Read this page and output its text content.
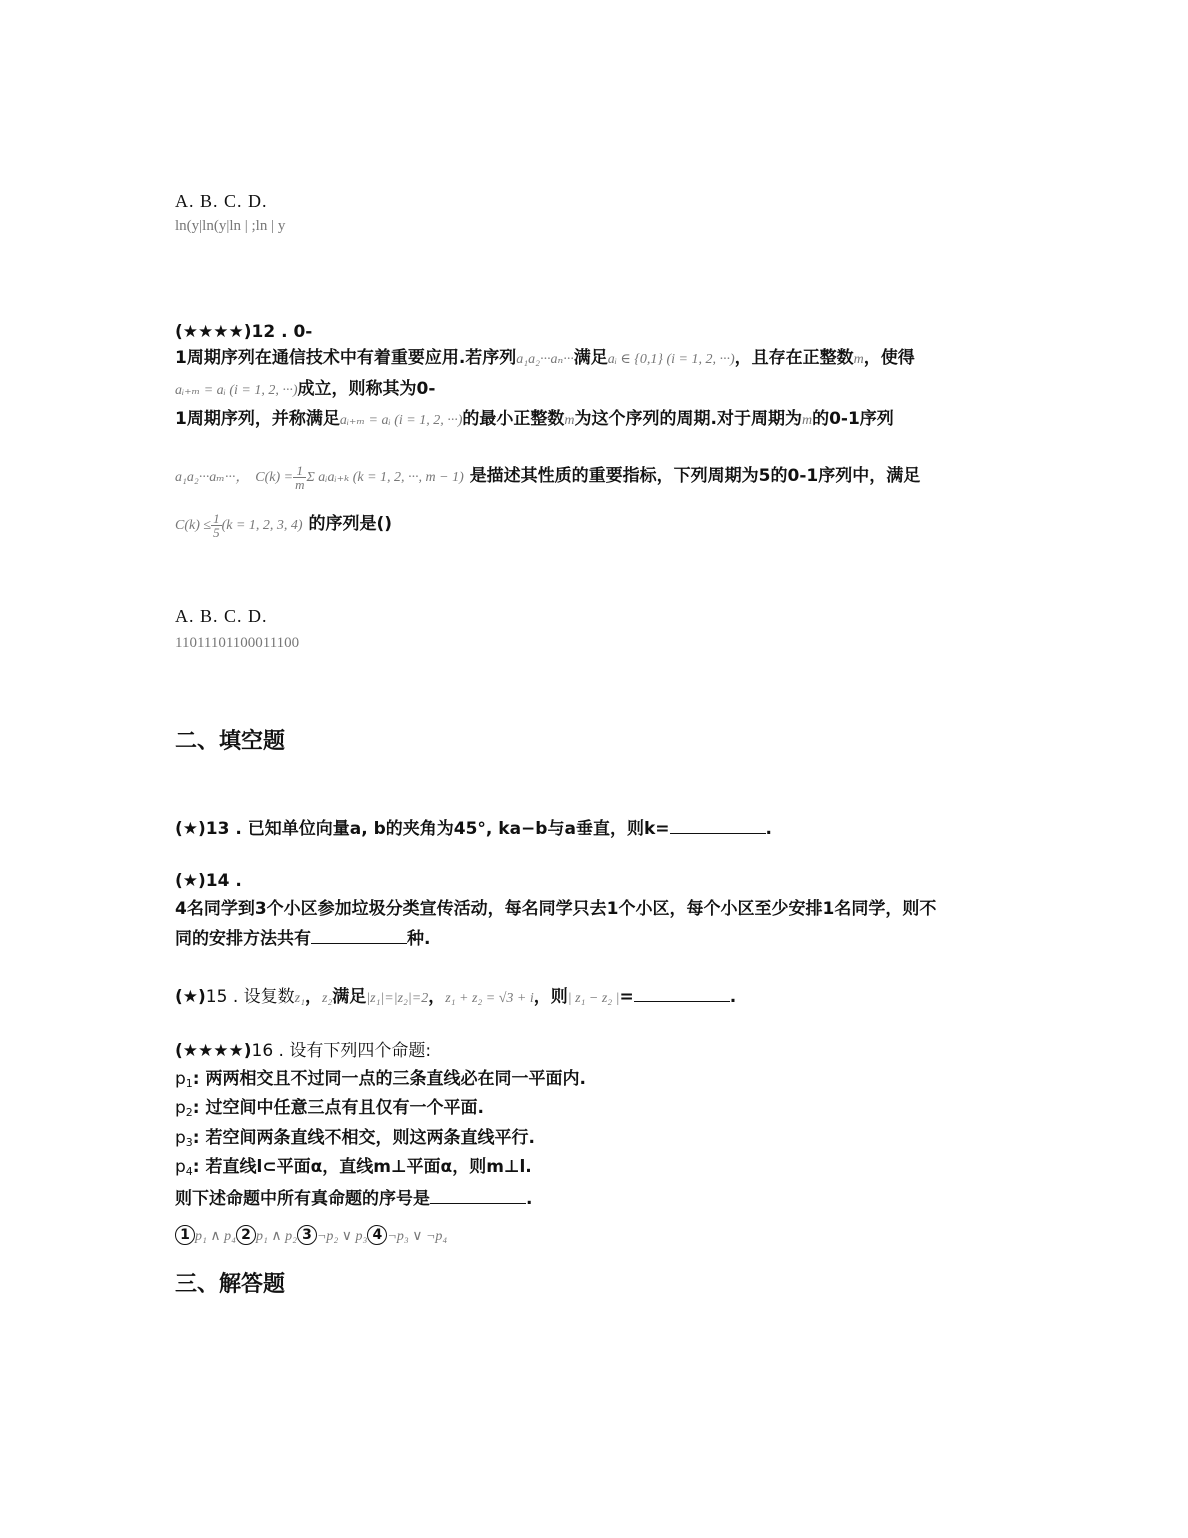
A. B. C. D.
ln(y|ln(y|ln | ;ln | y
(★★★★)12 . 0-
1周期序列在通信技术中有着重要应用.若序列a₁a₂···aₙ···满足aᵢ ∈ {0,1} (i = 1, 2, ···)，且存在正整数m，使得
aᵢ₊ₘ = aᵢ (i = 1, 2, ···)成立，则称其为0-
1周期序列，并称满足aᵢ₊ₘ = aᵢ (i = 1, 2, ···)的最小正整数m为这个序列的周期.对于周期为m的0-1序列
a₁a₂···aₘ···， $C(k) = \frac{1}{m}$ Σ aᵢaᵢ₊ₖ (k = 1, 2, ···, m − 1) 是描述其性质的重要指标，下列周期为5的0-1序列中，满足
$C(k) \le \frac{1}{5} (k = 1$, 2, 3, 4) 的序列是()
A. B. C. D.
11011101100011100
二、填空题
(★)13 . 已知单位向量a, b的夹角为45°, ka−b与a垂直，则k=	.
(★)14 .
4名同学到3个小区参加垃圾分类宣传活动，每名同学只去1个小区，每个小区至少安排1名同学，则不
同的安排方法共有	种.
(★)15 . 设复数z₁，z₂满足|z₁|=|z₂|=2，z₁ + z₂ = √3 + i，则| z₁ − z₂ |=	.
(★★★★)16 . 设有下列四个命题:
$p_1$: 两两相交且不过同一点的三条直线必在同一平面内.
$p_2$: 过空间中任意三点有且仅有一个平面.
$p_3$: 若空间两条直线不相交，则这两条直线平行.
$p_4$: 若直线l⊂平面α，直线m⊥平面α，则m⊥l.
则下述命题中所有真命题的序号是	.
1 p₁ ∧ p₄ 2 p₁ ∧ p₂ 3 ¬p₂ ∨ p₃ 4 ¬p₃ ∨ ¬p₄
三、解答题
